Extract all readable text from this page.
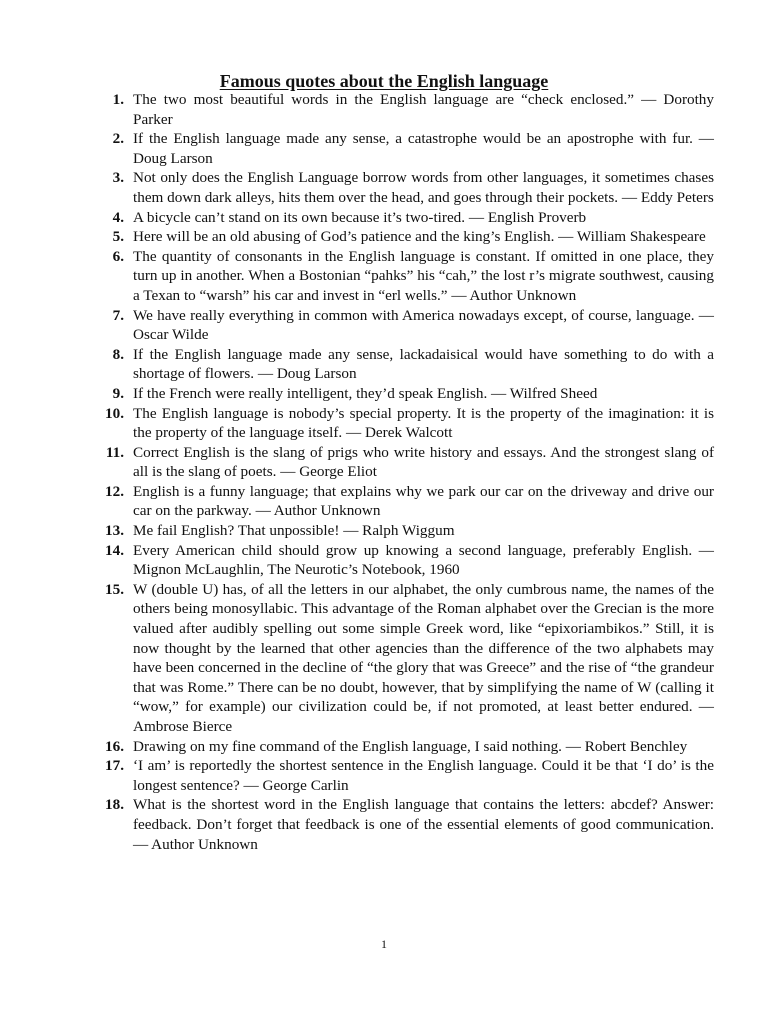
Famous quotes about the English language
1. The two most beautiful words in the English language are “check enclosed.” — Dorothy Parker
2. If the English language made any sense, a catastrophe would be an apostrophe with fur. — Doug Larson
3. Not only does the English Language borrow words from other languages, it sometimes chases them down dark alleys, hits them over the head, and goes through their pockets. — Eddy Peters
4. A bicycle can’t stand on its own because it’s two-tired. — English Proverb
5. Here will be an old abusing of God’s patience and the king’s English. — William Shakespeare
6. The quantity of consonants in the English language is constant. If omitted in one place, they turn up in another. When a Bostonian “pahks” his “cah,” the lost r’s migrate southwest, causing a Texan to “warsh” his car and invest in “erl wells.” — Author Unknown
7. We have really everything in common with America nowadays except, of course, language. — Oscar Wilde
8. If the English language made any sense, lackadaisical would have something to do with a shortage of flowers. — Doug Larson
9. If the French were really intelligent, they’d speak English. — Wilfred Sheed
10. The English language is nobody’s special property. It is the property of the imagination: it is the property of the language itself. — Derek Walcott
11. Correct English is the slang of prigs who write history and essays. And the strongest slang of all is the slang of poets. — George Eliot
12. English is a funny language; that explains why we park our car on the driveway and drive our car on the parkway. — Author Unknown
13. Me fail English? That unpossible! — Ralph Wiggum
14. Every American child should grow up knowing a second language, preferably English. — Mignon McLaughlin, The Neurotic’s Notebook, 1960
15. W (double U) has, of all the letters in our alphabet, the only cumbrous name, the names of the others being monosyllabic. This advantage of the Roman alphabet over the Grecian is the more valued after audibly spelling out some simple Greek word, like “epixoriambikos.” Still, it is now thought by the learned that other agencies than the difference of the two alphabets may have been concerned in the decline of “the glory that was Greece” and the rise of “the grandeur that was Rome.” There can be no doubt, however, that by simplifying the name of W (calling it “wow,” for example) our civilization could be, if not promoted, at least better endured. — Ambrose Bierce
16. Drawing on my fine command of the English language, I said nothing. — Robert Benchley
17. ‘I am’ is reportedly the shortest sentence in the English language. Could it be that ‘I do’ is the longest sentence? — George Carlin
18. What is the shortest word in the English language that contains the letters: abcdef? Answer: feedback. Don’t forget that feedback is one of the essential elements of good communication. — Author Unknown
1
